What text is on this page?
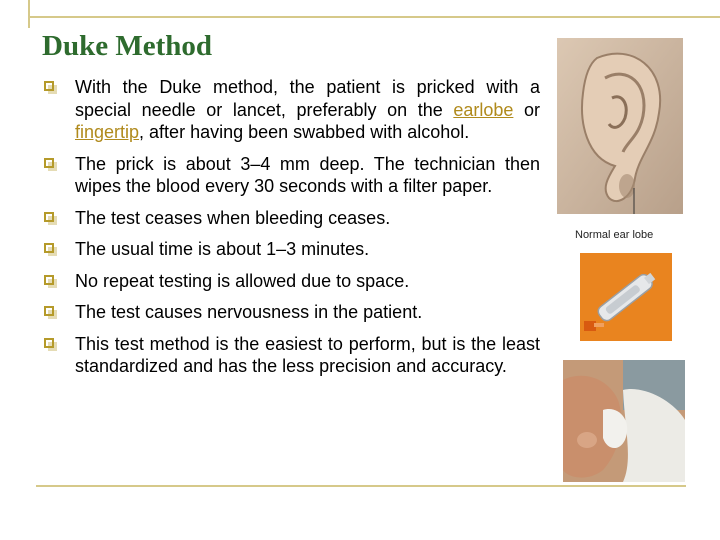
Duke Method
With the Duke method, the patient is pricked with a special needle or lancet, preferably on the earlobe or fingertip, after having been swabbed with alcohol.
The prick is about 3–4 mm deep. The technician then wipes the blood every 30 seconds with a filter paper.
The test ceases when bleeding ceases.
The usual time is about 1–3 minutes.
No repeat testing is allowed due to space.
The test causes nervousness in the patient.
This test method is the easiest to perform, but is the least standardized and has the less precision and accuracy.
Normal ear lobe
